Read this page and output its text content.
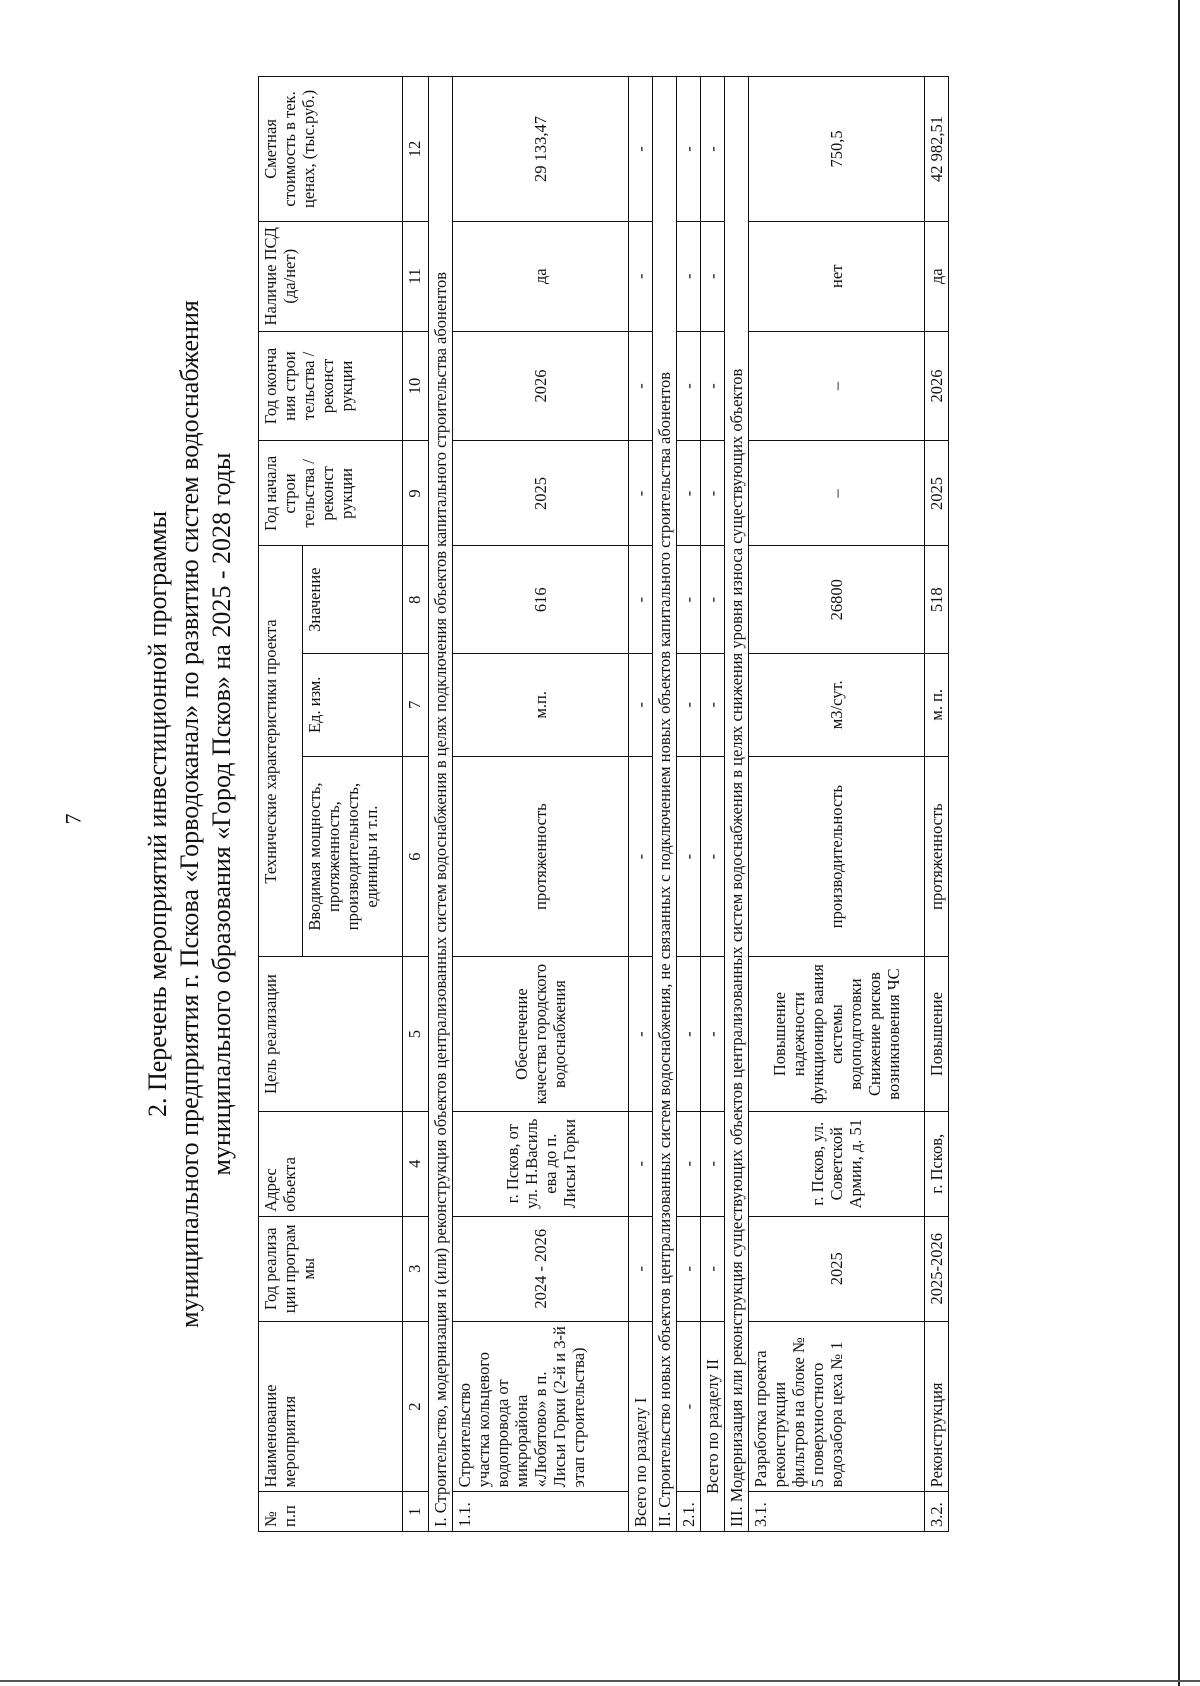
7 2. Перечень мероприятий инвестиционной программы муниципального предприятия г. Пскова «Горводоканал» по развитию систем водоснабжения муниципального образования «Город Псков» на 2025 - 2028 годы
№ п.п	Наименование мероприятия	Год реализа ции програм мы	Адрес объекта	Цель реализации	Технические характеристики проекта			Год начала строи тельства /реконст рукции	Год оконча ния строи тельства /реконст рукции	Наличие ПСД (да/нет)	Сметная стоимость в тек. ценах, (тыс.руб.)
					Вводимая мощность, протяженность, производительность, единицы и т.п.	Ед. изм.	Значение				
1	2	3	4	5	6	7	8	9	10	11	12
I. Строительство, модернизация и (или) реконструкция объектов централизованных систем водоснабжения в целях подключения объектов капитального строительства абонентов											
1.1.	Строительство участка кольцевого водопровода от микрорайона «Любятово» в п. Лисьи Горки (2-й и 3-й этап строительства)	2024 - 2026	г. Псков, от ул. Н.Василь ева до п. Лисьи Горки	Обеспечение качества городского водоснабжения	протяженность	м.п.	616	2025	2026	да	29 133,47
Всего по разделу I		-	-	-	-	-	-	-	-	-	-
II. Строительство новых объектов централизованных систем водоснабжения, не связанных с подключением новых объектов капитального строительства абонентов											
2.1.	-	-	-	-	-	-	-	-	-	-	-
Всего по разделу II		-	-	-	-	-	-	-	-	-	-
III. Модернизация или реконструкция существующих объектов централизованных систем водоснабжения в целях снижения уровня износа существующих объектов											
3.1.	Разработка проекта реконструкции фильтров на блоке № 5 поверхностного водозабора цеха № 1	2025	г. Псков, ул. Советской Армии, д. 51	Повышение надежности функциониро вания системы водоподготовки Снижение рисков возникновения ЧС	производительность	м3/сут.	26800	–	–	нет	750,5
3.2.	Реконструкция	2025-2026	г. Псков,	Повышение	протяженность	м. п.	518	2025	2026	да	42 982,51
